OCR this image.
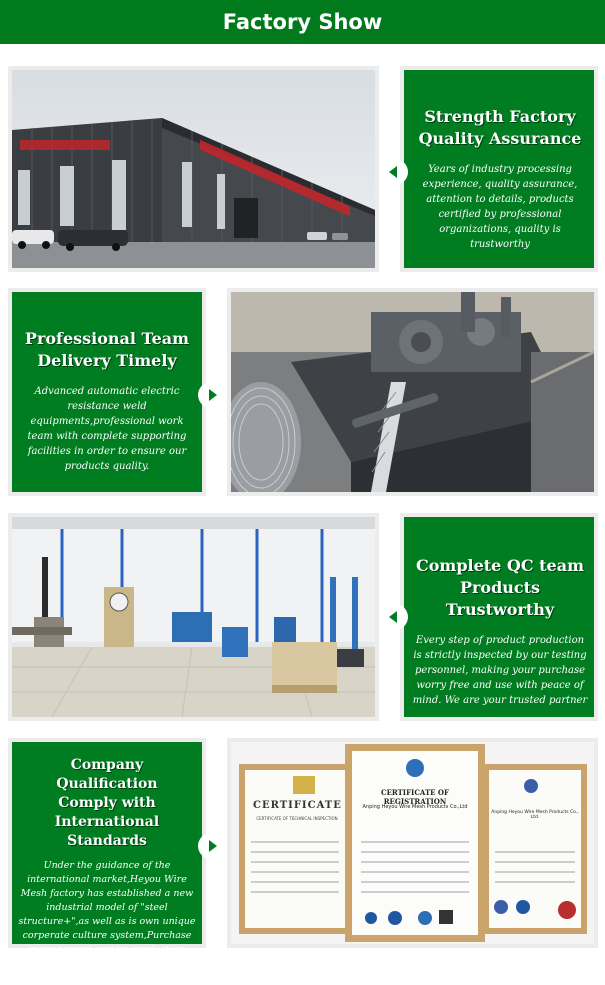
Factory Show
Strength Factory
Quality Assurance
Years of industry processing experience, quality assurance, attention to details, products certified by professional organizations, quality is trustworthy
Professional Team
Delivery Timely
Advanced automatic electric resistance weld equipments,professional work team with complete supporting facilities in order to ensure our products quality.
Complete QC team
Products Trustworthy
Every step of product production is strictly inspected by our testing personnel, making your purchase worry free and use with peace of mind. We are your trusted partner
Company Qualification
Comply with International Standards
Under the guidance of the international market,Heyou Wire Mesh factory has established a new industrial model of "steel structure+",as well as is own unique corperate culture system,Purchase management system,production management system,detection system
CERTIFICATE
CERTIFICATE OF TECHNICAL INSPECTION
CERTIFICATE OF REGISTRATION
Anping Heyou Wire Mesh Products Co.,Ltd
Anping Heyou Wire Mesh Products Co., Ltd.
